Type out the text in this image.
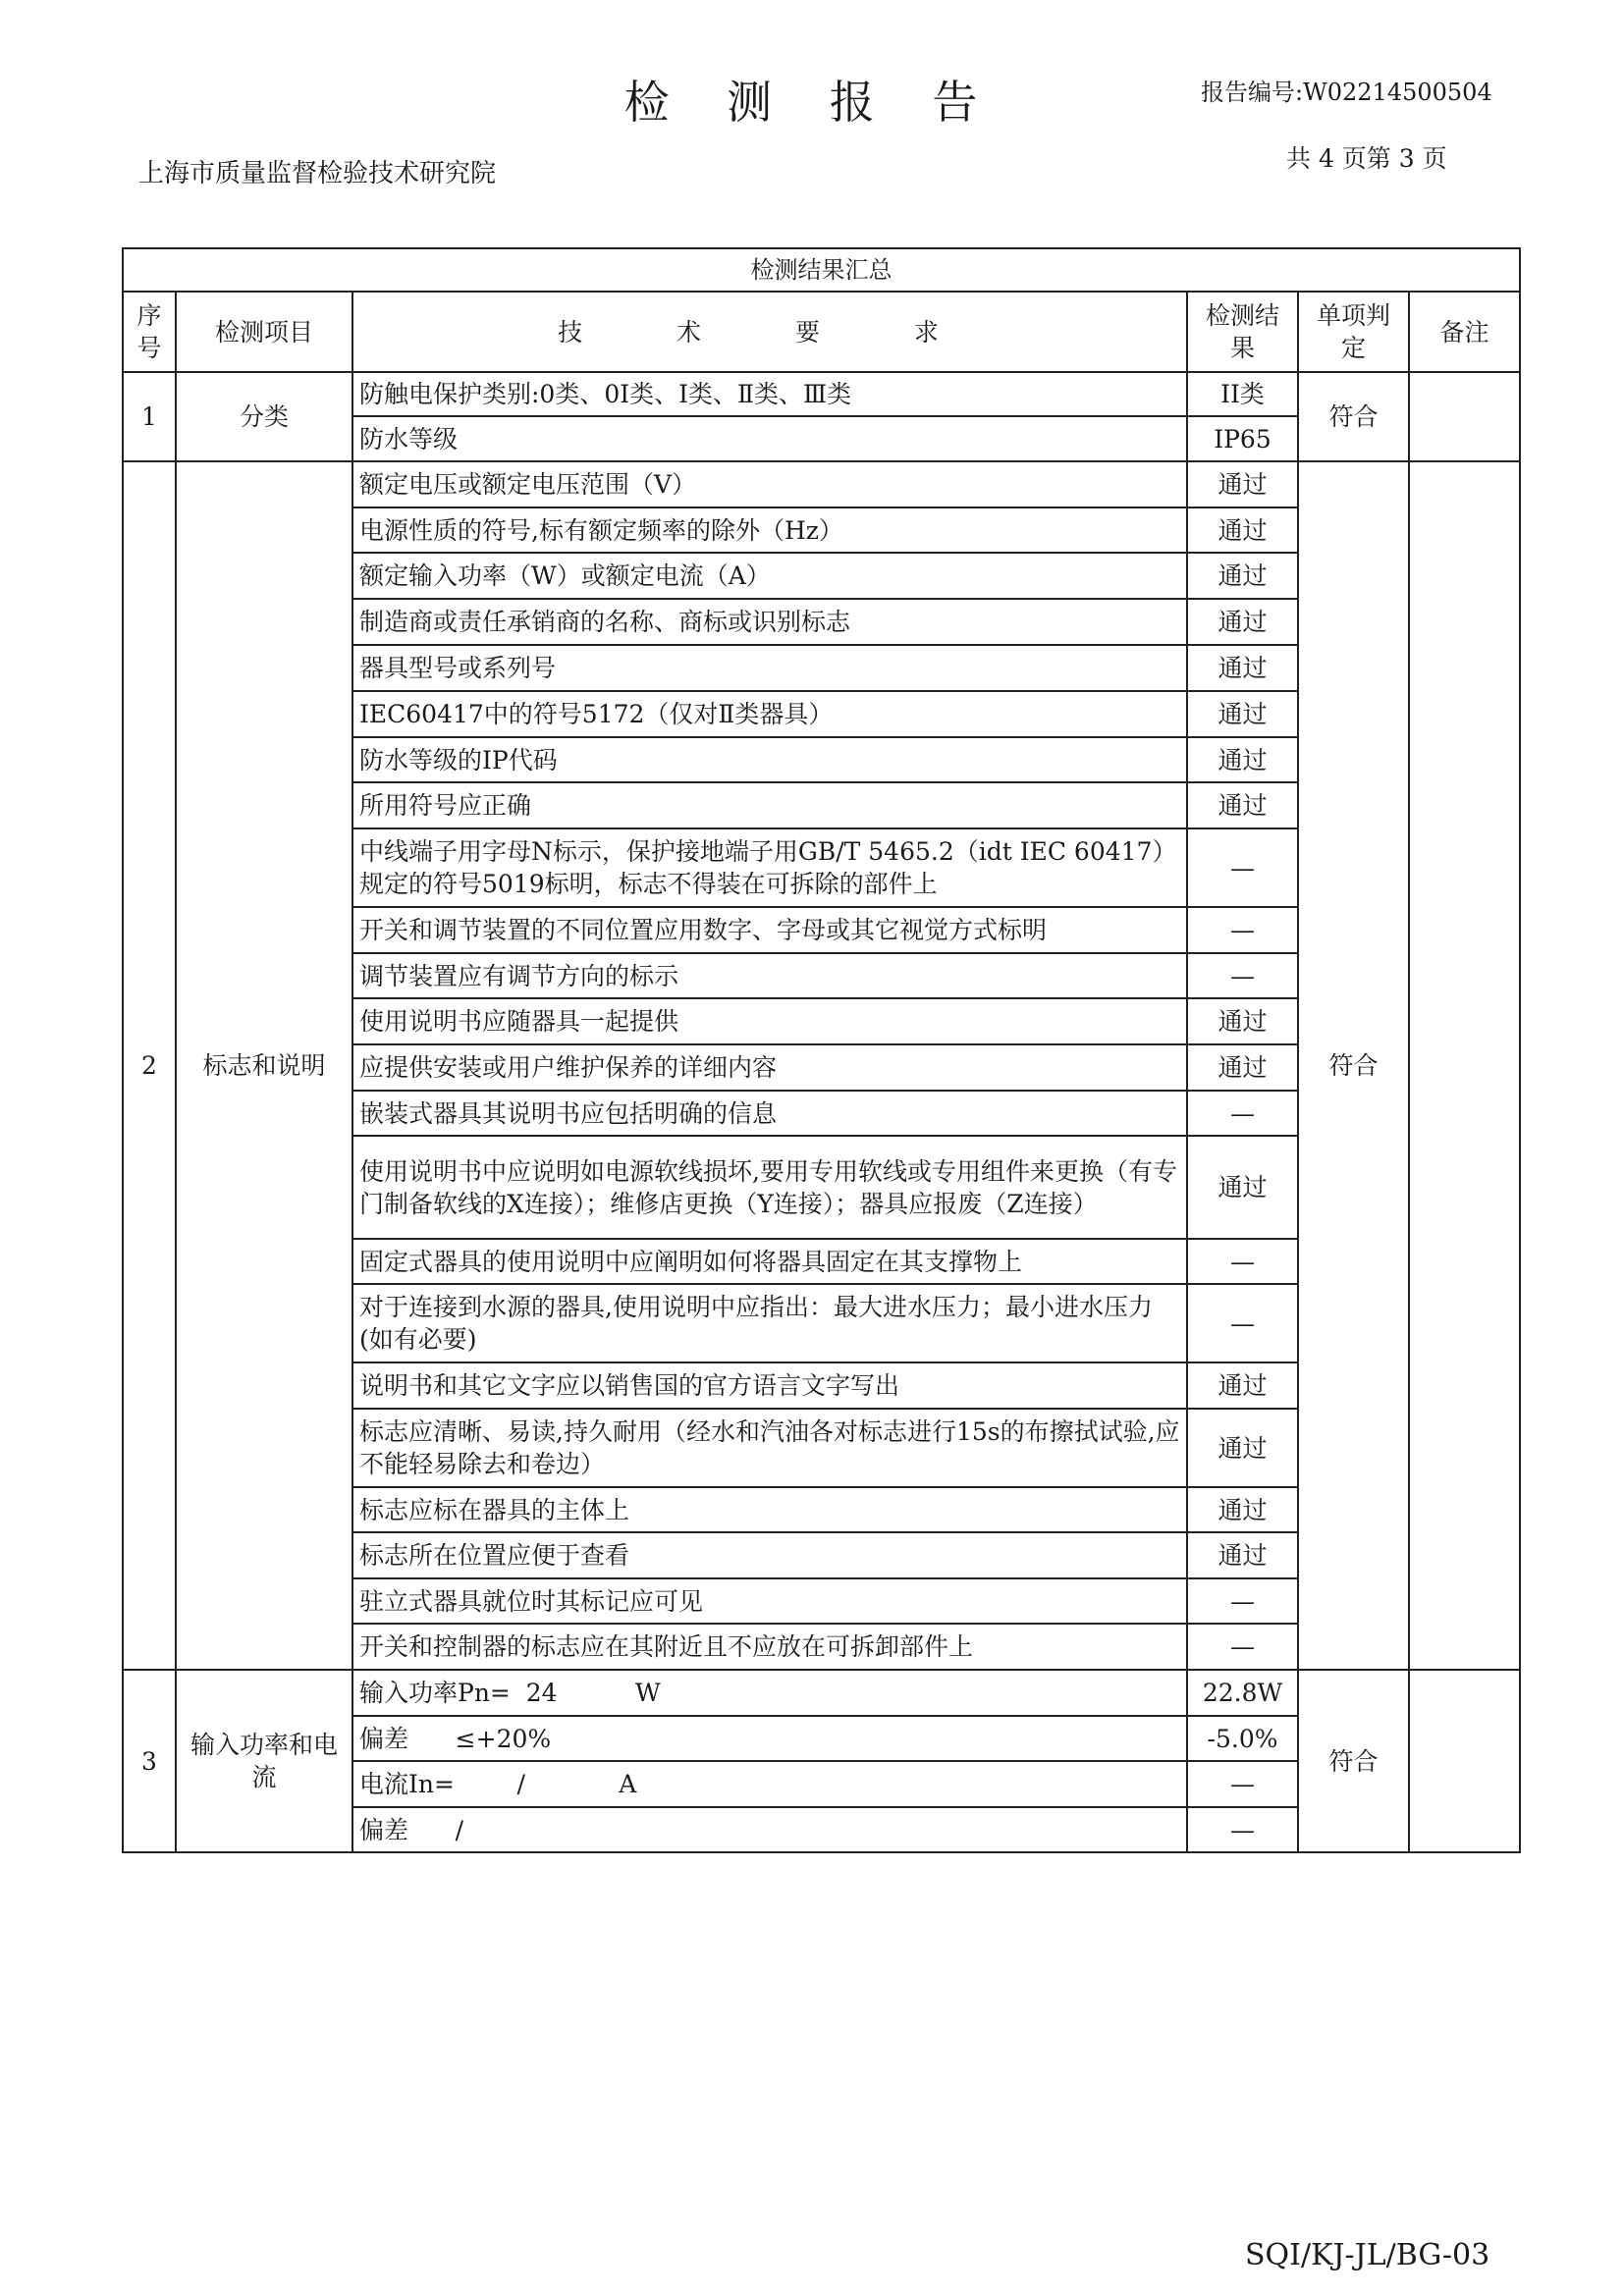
检 测 报 告	报告编号:W02214500504
上海市质量监督检验技术研究院
共 4 页第 3 页
检测结果汇总					
序号	检测项目	技 术 要 求	检测结果	单项判定	备注
1	分类	防触电保护类别:0类、0I类、Ⅰ类、Ⅱ类、Ⅲ类	II类	符合	
		防水等级	IP65		
2	标志和说明	额定电压或额定电压范围（V）	通过	符合	
		电源性质的符号,标有额定频率的除外（Hz）	通过		
		额定输入功率（W）或额定电流（A）	通过		
		制造商或责任承销商的名称、商标或识别标志	通过		
		器具型号或系列号	通过		
		IEC60417中的符号5172（仅对Ⅱ类器具）	通过		
		防水等级的IP代码	通过		
		所用符号应正确	通过		
		中线端子用字母N标示，保护接地端子用GB/T 5465.2（idt IEC 60417）规定的符号5019标明，标志不得装在可拆除的部件上	—		
		开关和调节装置的不同位置应用数字、字母或其它视觉方式标明	—		
		调节装置应有调节方向的标示	—		
		使用说明书应随器具一起提供	通过		
		应提供安装或用户维护保养的详细内容	通过		
		嵌装式器具其说明书应包括明确的信息	—		
		使用说明书中应说明如电源软线损坏,要用专用软线或专用组件来更换（有专门制备软线的X连接）；维修店更换（Y连接）；器具应报废（Z连接）	通过		
		固定式器具的使用说明中应阐明如何将器具固定在其支撑物上	—		
		对于连接到水源的器具,使用说明中应指出：最大进水压力；最小进水压力(如有必要)	—		
		说明书和其它文字应以销售国的官方语言文字写出	通过		
		标志应清晰、易读,持久耐用（经水和汽油各对标志进行15s的布擦拭试验,应不能轻易除去和卷边）	通过		
		标志应标在器具的主体上	通过		
		标志所在位置应便于查看	通过		
		驻立式器具就位时其标记应可见	—		
		开关和控制器的标志应在其附近且不应放在可拆卸部件上	—		
3	输入功率和电流	输入功率Pn=  24          W	22.8W	符合	
		偏差      ≤+20%	-5.0%		
		电流In=        /            A	—		
		偏差      /	—		
SQI/KJ-JL/BG-03
